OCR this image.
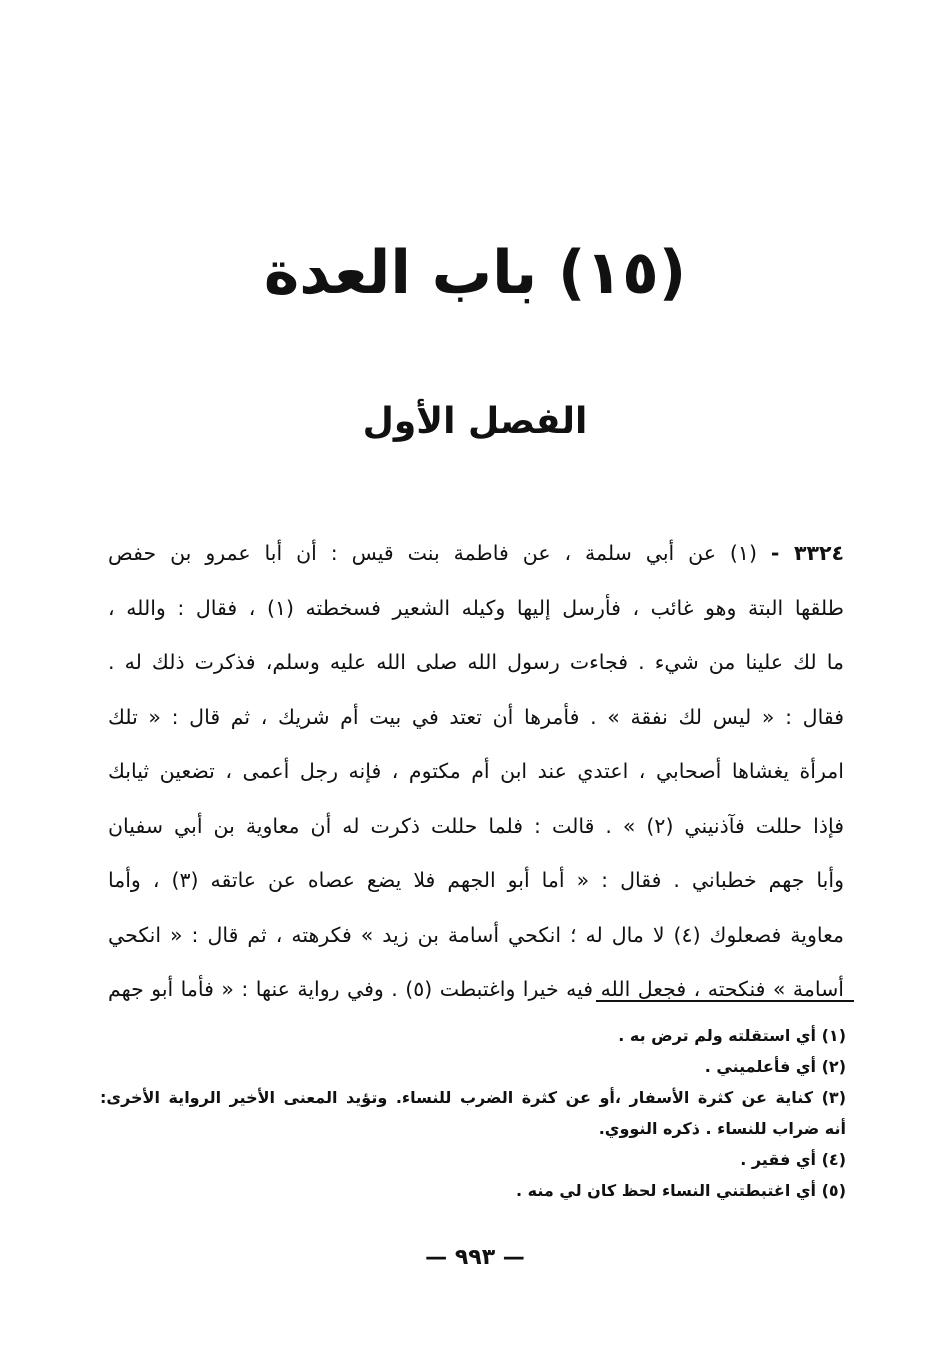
(١٥) باب العدة
الفصل الأول
٣٣٢٤ - (١) عن أبي سلمة ، عن فاطمة بنت قيس : أن أبا عمرو بن حفص
طلقها البتة وهو غائب ، فأرسل إليها وكيله الشعير فسخطته (١) ، فقال : والله ،
ما لك علينا من شيء . فجاءت رسول الله صلى الله عليه وسلم، فذكرت ذلك له .
فقال : « ليس لك نفقة » . فأمرها أن تعتد في بيت أم شريك ، ثم قال : « تلك
امرأة يغشاها أصحابي ، اعتدي عند ابن أم مكتوم ، فإنه رجل أعمى ، تضعين ثيابك
فإذا حللت فآذنيني (٢) » . قالت : فلما حللت ذكرت له أن معاوية بن أبي سفيان
وأبا جهم خطباني . فقال : « أما أبو الجهم فلا يضع عصاه عن عاتقه (٣) ، وأما
معاوية فصعلوك (٤) لا مال له ؛ انكحي أسامة بن زيد » فكرهته ، ثم قال : « انكحي
أسامة » فنكحته ، فجعل الله فيه خيرا واغتبطت (٥) . وفي رواية عنها : « فأما أبو جهم
(١) أي استقلته ولم ترض به .
(٢) أي فأعلميني .
(٣) كناية عن كثرة الأسفار ،أو عن كثرة الضرب للنساء. وتؤيد المعنى الأخير الرواية الأخرى:
أنه ضراب للنساء . ذكره النووي.
(٤) أي فقير .
(٥) أي اغتبطتني النساء لحظ كان لي منه .
— ٩٩٣ —
